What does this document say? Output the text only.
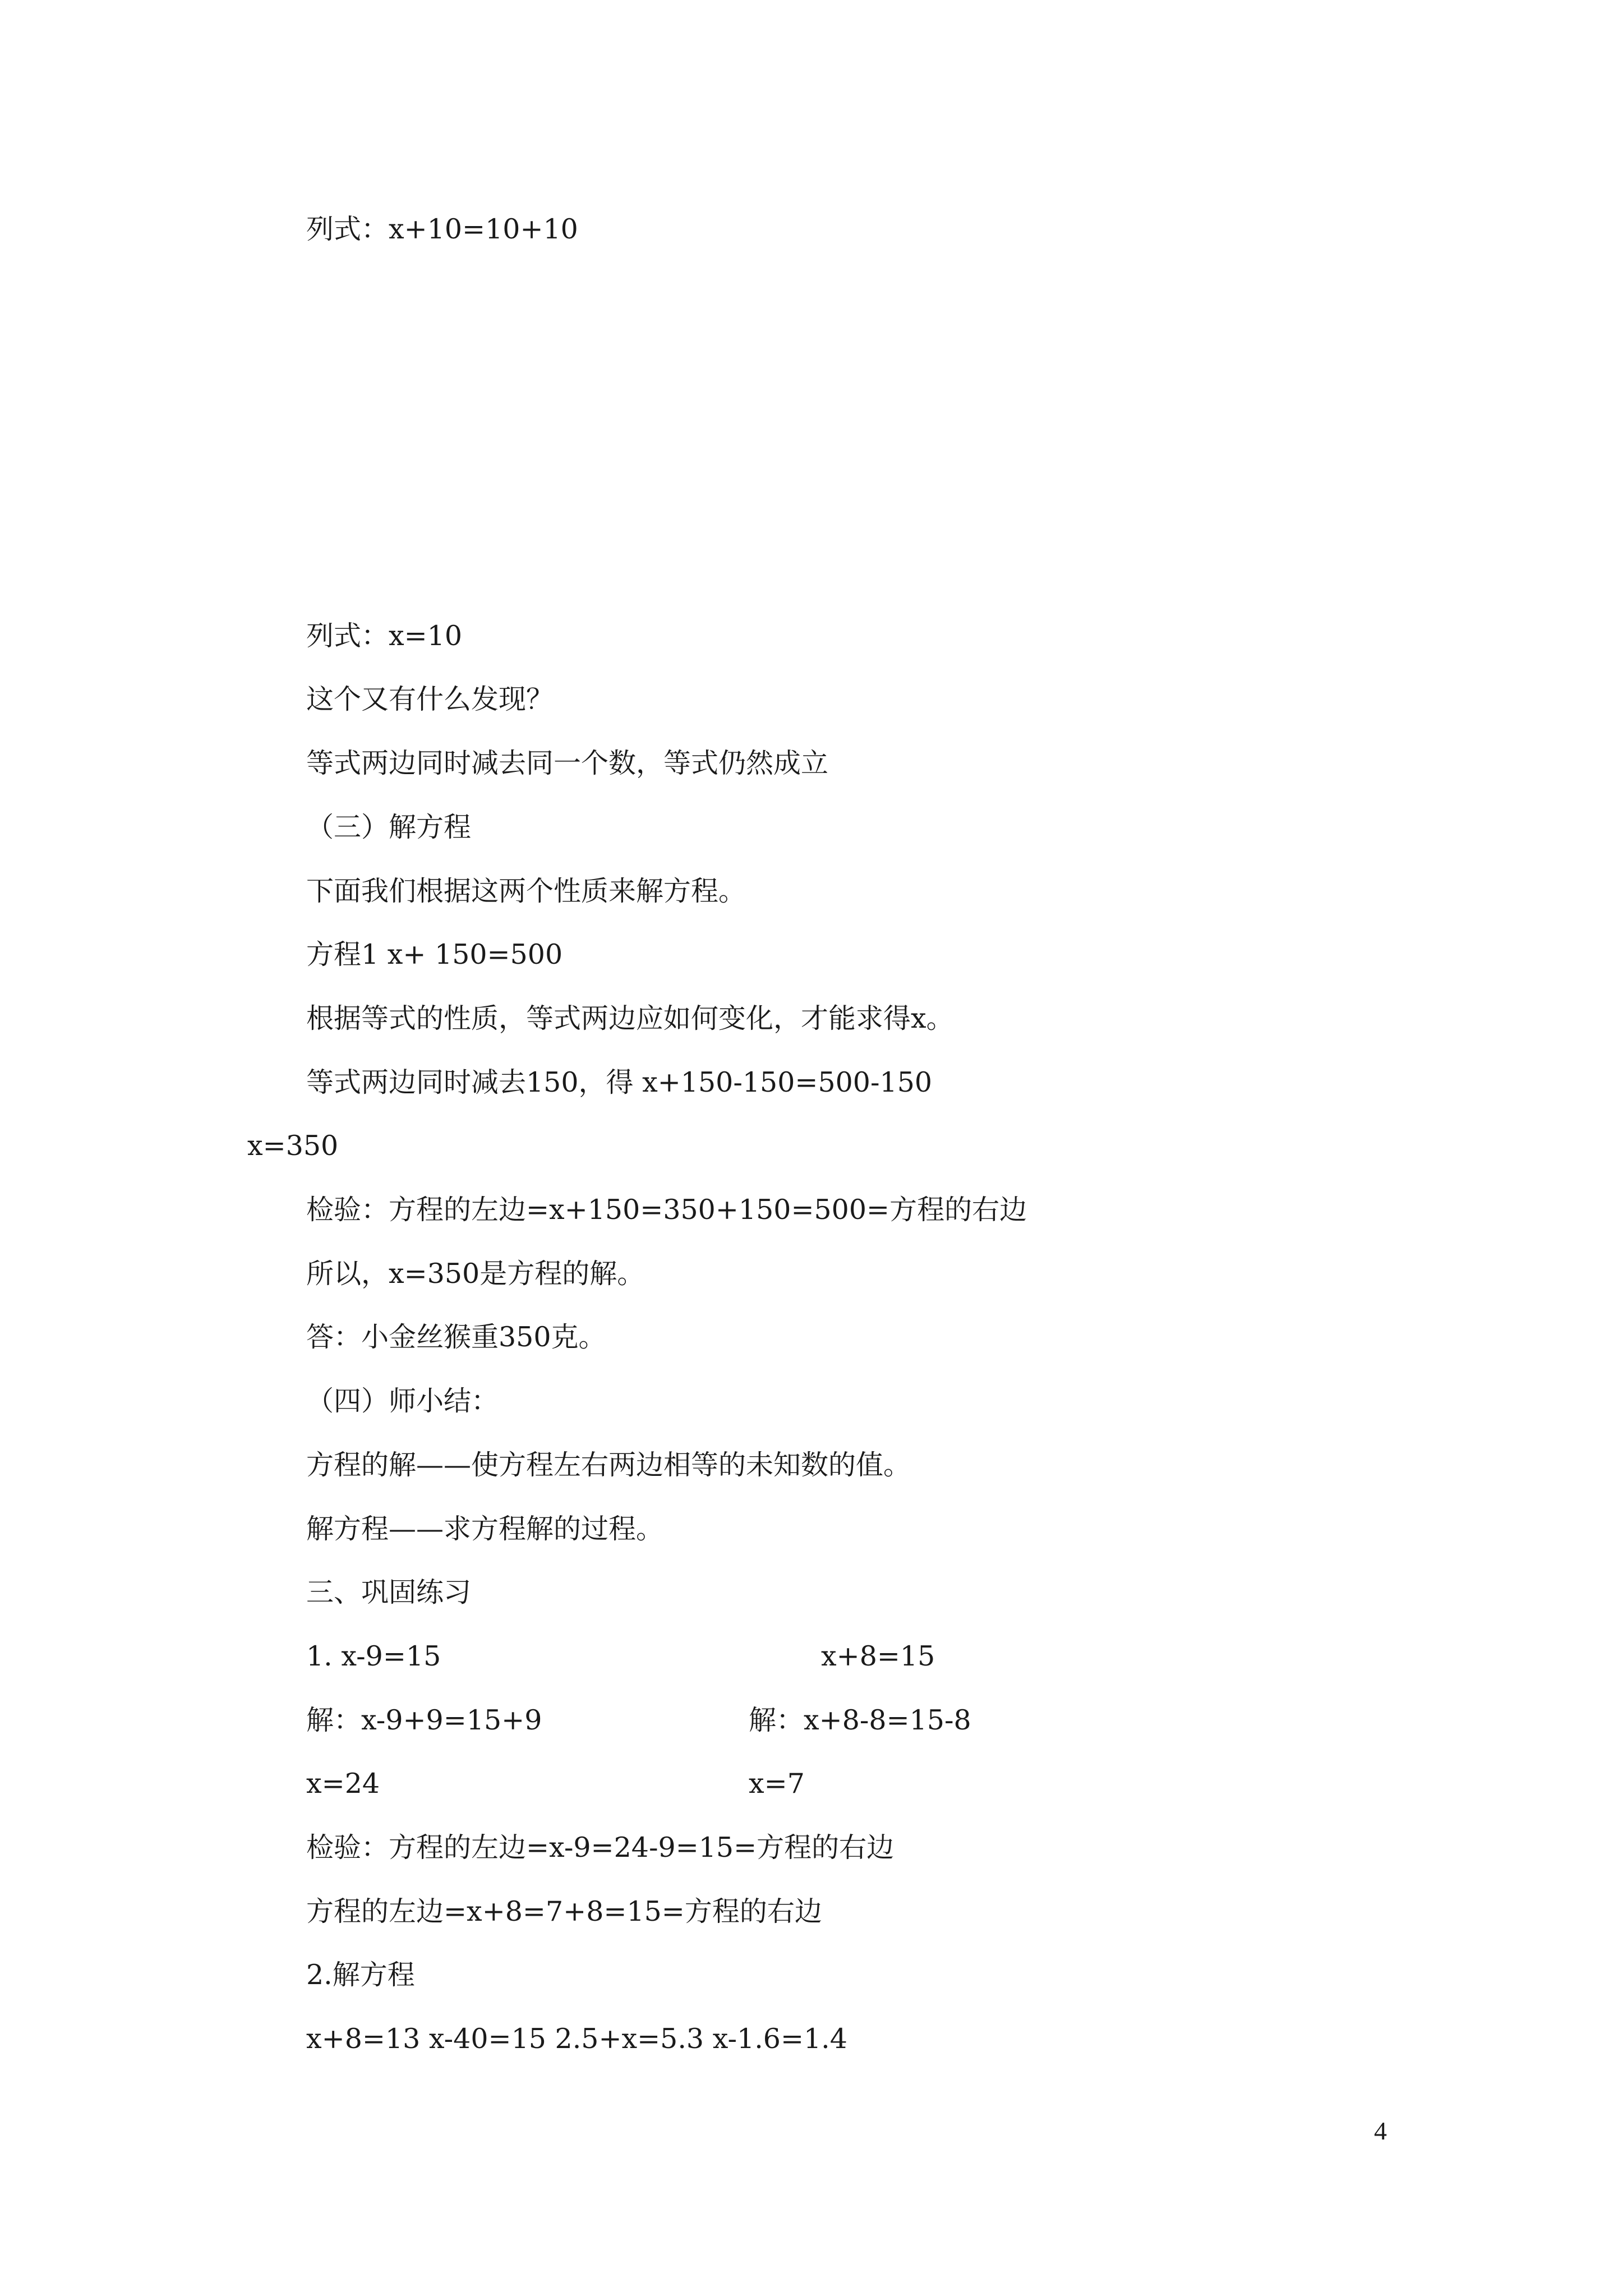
列式：x+10=10+10
列式：x=10
这个又有什么发现？
等式两边同时减去同一个数，等式仍然成立
（三）解方程
下面我们根据这两个性质来解方程。
方程1 x+ 150=500
根据等式的性质，等式两边应如何变化，才能求得x。
等式两边同时减去150，得 x+150-150=500-150
x=350
检验：方程的左边=x+150=350+150=500=方程的右边
所以，x=350是方程的解。
答：小金丝猴重350克。
（四）师小结：
方程的解——使方程左右两边相等的未知数的值。
解方程——求方程解的过程。
三、巩固练习
1. x-9=15	x+8=15
解：x-9+9=15+9	解：x+8-8=15-8
x=24	x=7
检验：方程的左边=x-9=24-9=15=方程的右边
方程的左边=x+8=7+8=15=方程的右边
2.解方程
x+8=13 x-40=15 2.5+x=5.3 x-1.6=1.4
4
